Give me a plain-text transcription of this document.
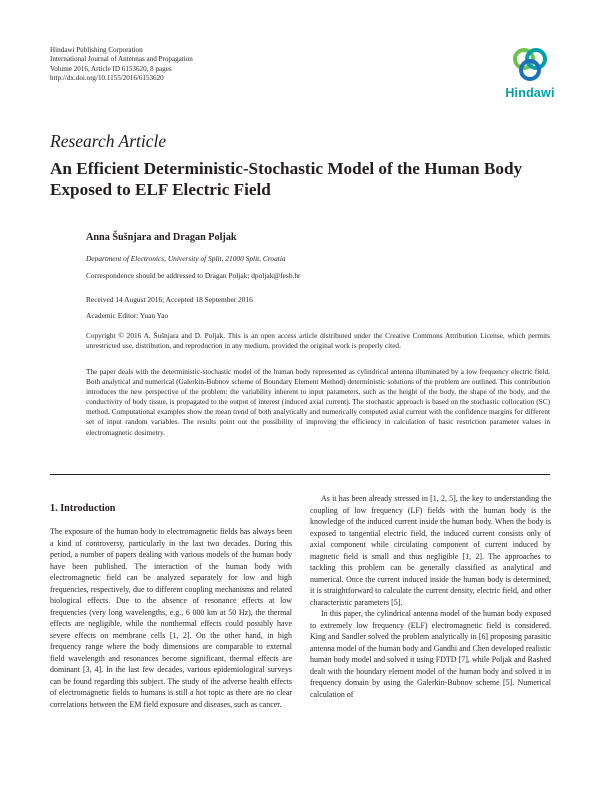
Hindawi Publishing Corporation
International Journal of Antennas and Propagation
Volume 2016, Article ID 6153620, 8 pages
http://dx.doi.org/10.1155/2016/6153620
Hindawi
Research Article
An Efficient Deterministic-Stochastic Model of the Human Body Exposed to ELF Electric Field
Anna Šušnjara and Dragan Poljak
Department of Electronics, University of Split, 21000 Split, Croatia
Correspondence should be addressed to Dragan Poljak; dpoljak@fesb.hr
Received 14 August 2016; Accepted 18 September 2016
Academic Editor: Yuan Yao
Copyright © 2016 A. Šušnjara and D. Poljak. This is an open access article distributed under the Creative Commons Attribution License, which permits unrestricted use, distribution, and reproduction in any medium, provided the original work is properly cited.
The paper deals with the deterministic-stochastic model of the human body represented as cylindrical antenna illuminated by a low frequency electric field. Both analytical and numerical (Galerkin-Bubnov scheme of Boundary Element Method) deterministic solutions of the problem are outlined. This contribution introduces the new perspective of the problem: the variability inherent to input parameters, such as the height of the body, the shape of the body, and the conductivity of body tissue, is propagated to the output of interest (induced axial current). The stochastic approach is based on the stochastic collocation (SC) method. Computational examples show the mean trend of both analytically and numerically computed axial current with the confidence margins for different set of input random variables. The results point out the possibility of improving the efficiency in calculation of basic restriction parameter values in electromagnetic dosimetry.
1. Introduction

The exposure of the human body to electromagnetic fields has always been a kind of controversy, particularly in the last two decades. During this period, a number of papers dealing with various models of the human body have been published. The interaction of the human body with electromagnetic field can be analyzed separately for low and high frequencies, respectively, due to different coupling mechanisms and related biological effects. Due to the absence of resonance effects at low frequencies (very long wavelengths, e.g., 6 000 km at 50 Hz), the thermal effects are negligible, while the nonthermal effects could possibly have severe effects on membrane cells [1, 2]. On the other hand, in high frequency range where the body dimensions are comparable to external field wavelength and resonances become significant, thermal effects are dominant [3, 4]. In the last few decades, various epidemiological surveys can be found regarding this subject. The study of the adverse health effects of electromagnetic fields to humans is still a hot topic as there are no clear correlations between the EM field exposure and diseases, such as cancer.

As it has been already stressed in [1, 2, 5], the key to understanding the coupling of low frequency (LF) fields with the human body is the knowledge of the induced current inside the human body. When the body is exposed to tangential electric field, the induced current consists only of axial component while circulating component of current induced by magnetic field is small and thus negligible [1, 2]. The approaches to tackling this problem can be generally classified as analytical and numerical. Once the current induced inside the human body is determined, it is straightforward to calculate the current density, electric field, and other characteristic parameters [5].

In this paper, the cylindrical antenna model of the human body exposed to extremely low frequency (ELF) electromagnetic field is considered. King and Sandler solved the problem analytically in [6] proposing parasitic antenna model of the human body and Gandhi and Chen developed realistic human body model and solved it using FDTD [7], while Poljak and Rashed dealt with the boundary element model of the human body and solved it in frequency domain by using the Galerkin-Bubnov scheme [5]. Numerical calculation of
